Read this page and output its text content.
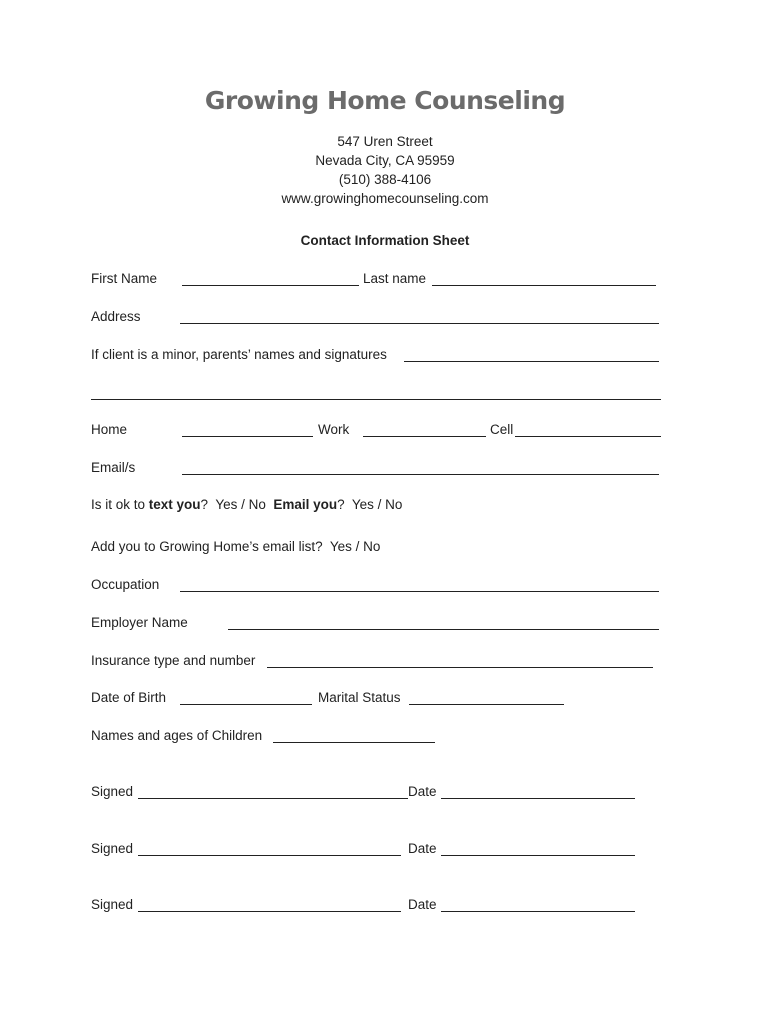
Growing Home Counseling
547 Uren Street
Nevada City, CA 95959
(510) 388-4106
www.growinghomecounseling.com
Contact Information Sheet
First Name	Last name
Address
If client is a minor, parents’ names and signatures
Home	Work	Cell
Email/s
Is it ok to text you?  Yes / No  Email you?  Yes / No
Add you to Growing Home’s email list?  Yes / No
Occupation
Employer Name
Insurance type and number
Date of Birth	Marital Status
Names and ages of Children
Signed	Date
Signed	Date
Signed	Date
